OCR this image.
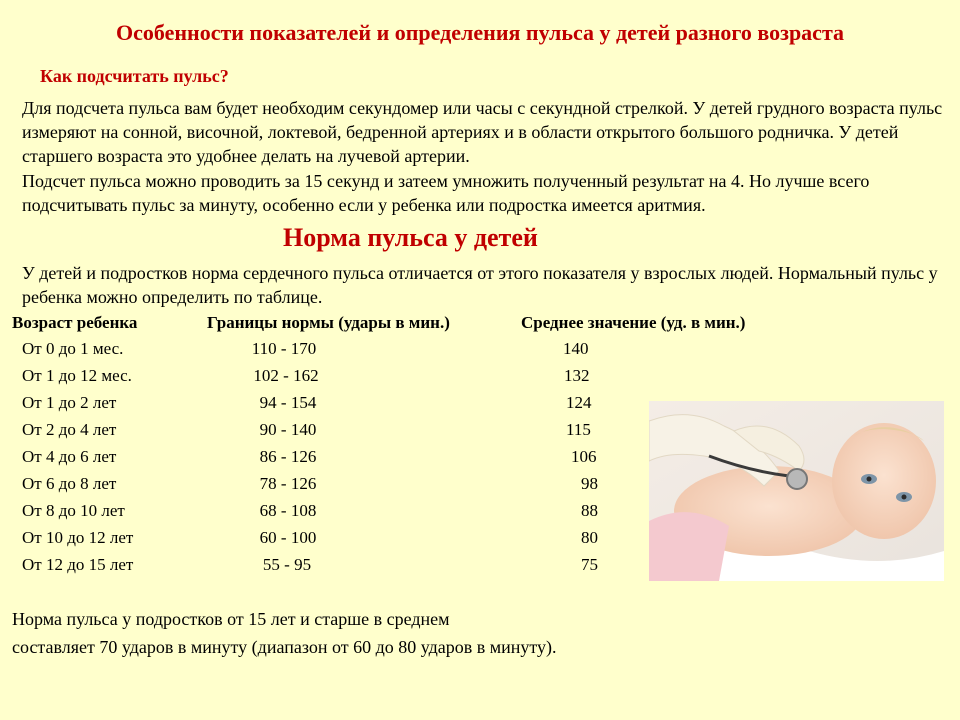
Особенности показателей и определения пульса у детей разного возраста
Как подсчитать пульс?
Для подсчета пульса вам будет необходим секундомер или часы с секундной стрелкой. У детей грудного возраста пульс измеряют на сонной, височной, локтевой, бедренной артериях и в области открытого большого родничка. У детей старшего возраста это удобнее делать на лучевой артерии.
Подсчет пульса можно проводить за 15 секунд и затеем умножить полученный результат на 4. Но лучше всего подсчитывать пульс за минуту, особенно если у ребенка или подростка имеется аритмия.
Норма пульса у детей
У детей и подростков норма сердечного пульса отличается от этого показателя у взрослых людей. Нормальный пульс у ребенка можно определить по таблице.
Возраст ребенка	Границы нормы (удары в мин.)	Среднее значение (уд. в мин.)
От 0 до 1 мес.	110 - 170	140
От 1 до 12 мес.	102 - 162	132
От 1 до 2 лет	94 - 154	124
От 2 до 4 лет	90 - 140	115
От 4 до 6 лет	86 - 126	106
От 6 до 8 лет	78 - 126	98
От 8 до 10 лет	68 - 108	88
От 10 до 12 лет	60 - 100	80
От 12 до 15 лет	55 - 95	75
Норма пульса у подростков от 15 лет и старше в среднем
составляет 70 ударов в минуту (диапазон от 60 до 80 ударов в минуту).
